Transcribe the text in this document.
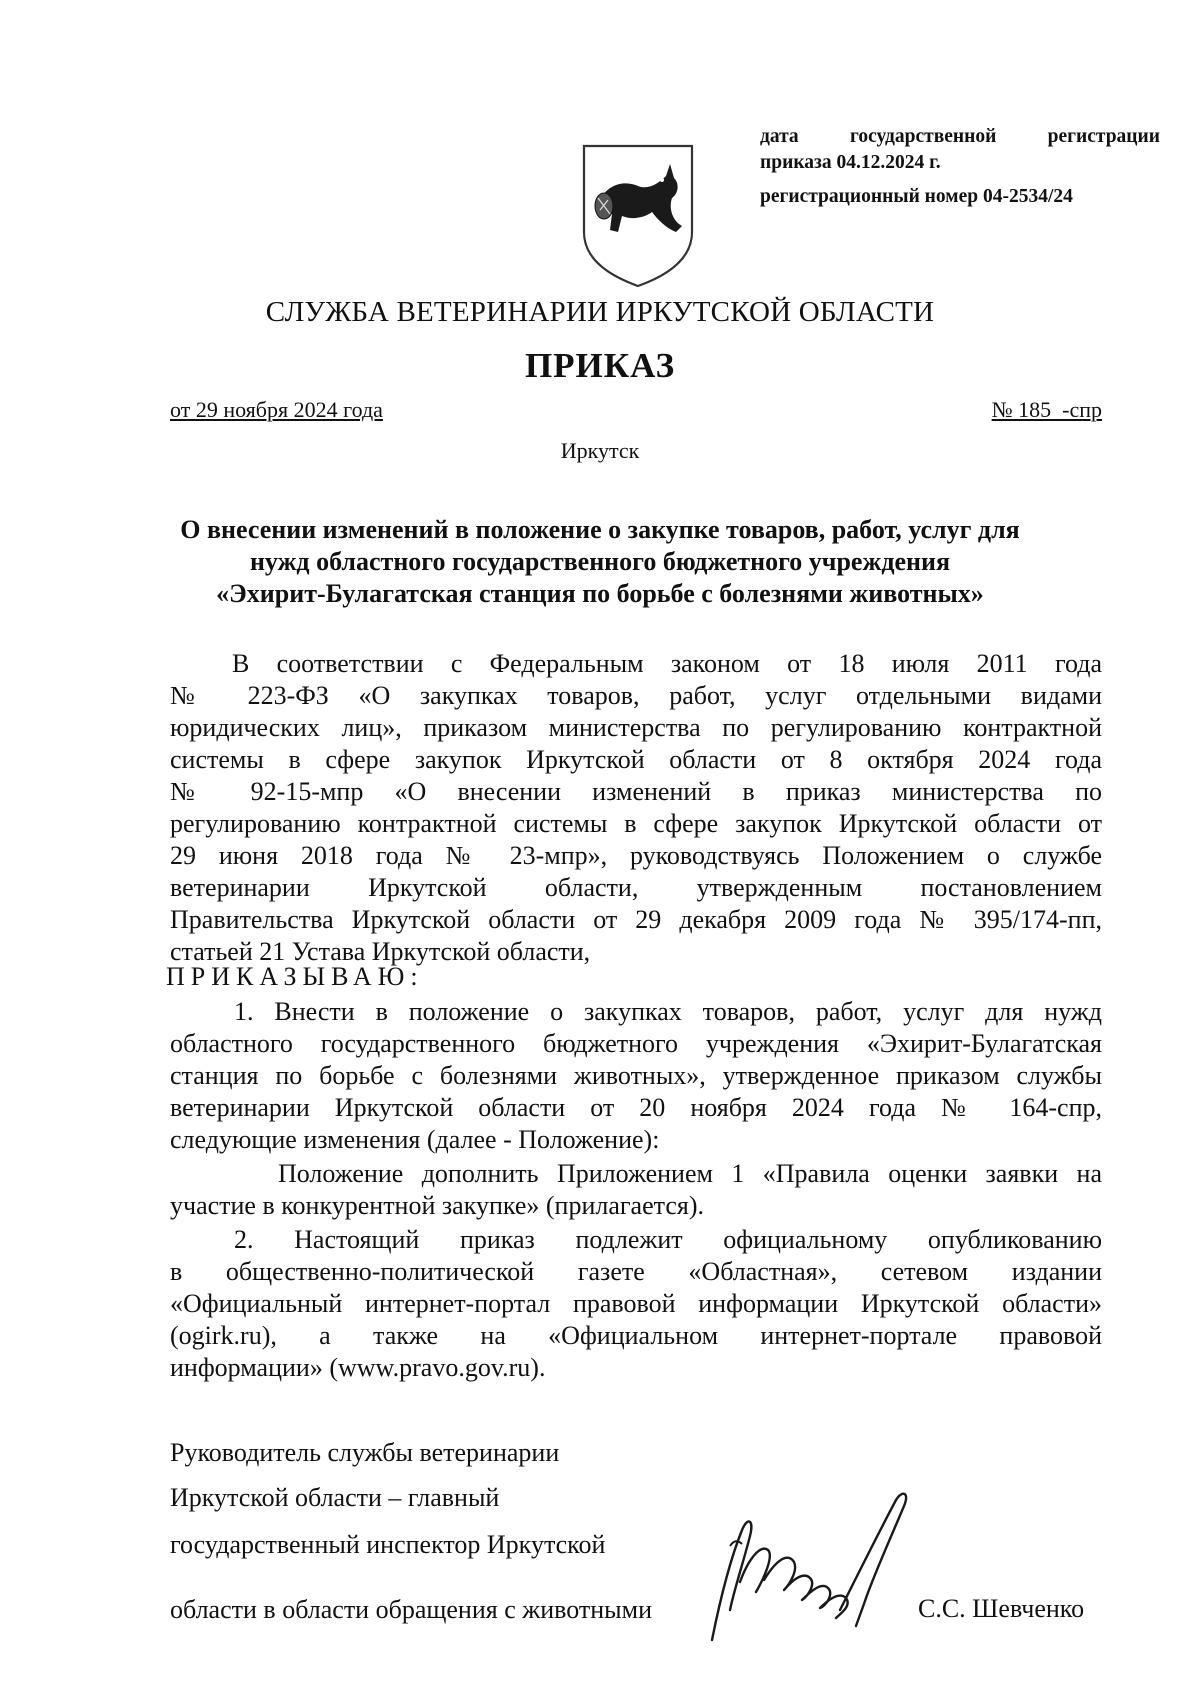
дата государственной регистрации
приказа 04.12.2024 г.
регистрационный номер 04-2534/24
СЛУЖБА ВЕТЕРИНАРИИ ИРКУТСКОЙ ОБЛАСТИ
ПРИКАЗ
от 29 ноября 2024 года	№ 185  -спр
Иркутск
О внесении изменений в положение о закупке товаров, работ, услуг для
нужд областного государственного бюджетного учреждения
«Эхирит-Булагатская станция по борьбе с болезнями животных»
В соответствии с Федеральным законом от 18 июля 2011 года
№ 223-ФЗ «О закупках товаров, работ, услуг отдельными видами
юридических лиц», приказом министерства по регулированию контрактной
системы в сфере закупок Иркутской области от 8 октября 2024 года
№ 92-15-мпр «О внесении изменений в приказ министерства по
регулированию контрактной системы в сфере закупок Иркутской области от
29 июня 2018 года № 23-мпр», руководствуясь Положением о службе
ветеринарии Иркутской области, утвержденным постановлением
Правительства Иркутской области от 29 декабря 2009 года № 395/174-пп,
статьей 21 Устава Иркутской области,
ПРИКАЗЫВАЮ:
1. Внести в положение о закупках товаров, работ, услуг для нужд
областного государственного бюджетного учреждения «Эхирит-Булагатская
станция по борьбе с болезнями животных», утвержденное приказом службы
ветеринарии Иркутской области от 20 ноября 2024 года № 164-спр,
следующие изменения (далее - Положение):
Положение дополнить Приложением 1 «Правила оценки заявки на
участие в конкурентной закупке» (прилагается).
2. Настоящий приказ подлежит официальному опубликованию
в общественно-политической газете «Областная», сетевом издании
«Официальный интернет-портал правовой информации Иркутской области»
(ogirk.ru), а также на «Официальном интернет-портале правовой
информации» (www.pravo.gov.ru).
Руководитель службы ветеринарии
Иркутской области – главный
государственный инспектор Иркутской
области в области обращения с животными	С.С. Шевченко
